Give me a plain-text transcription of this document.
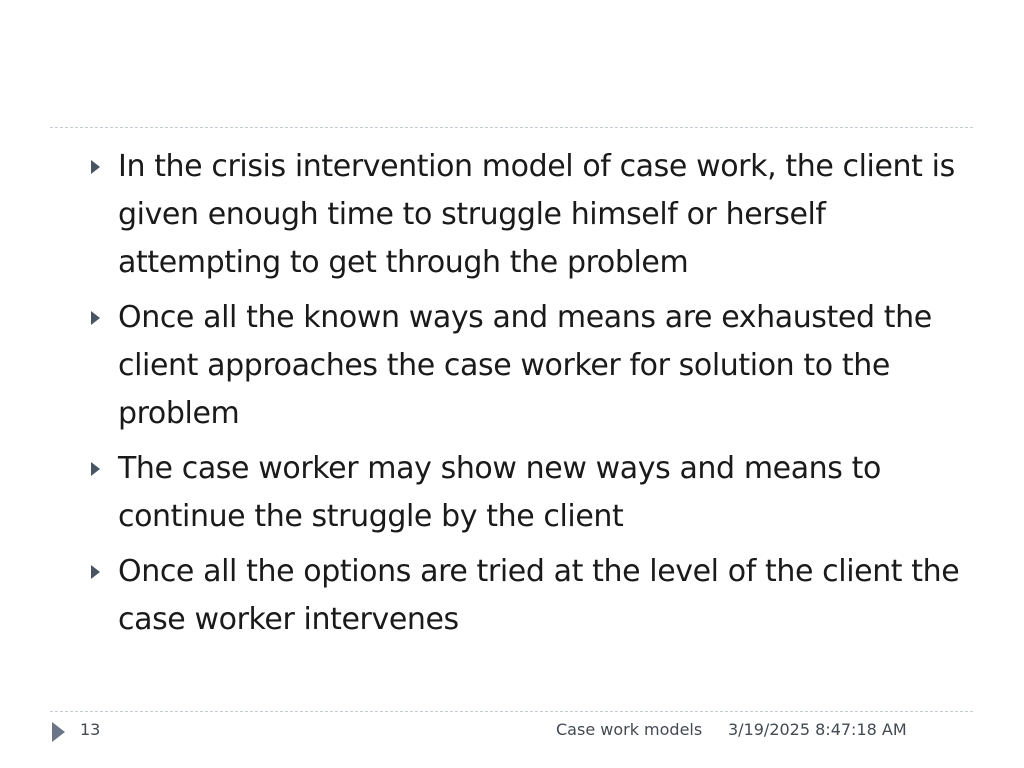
In the crisis intervention model of case work, the client is given enough time to struggle himself or herself attempting to get through the problem
Once all the known ways and means are exhausted the client approaches the case worker for solution to the problem
The case worker may show new ways and means to continue the struggle by the client
Once all the options are tried at the level of the client the case worker intervenes
13	Case work models 3/19/2025 8:47:18 AM
